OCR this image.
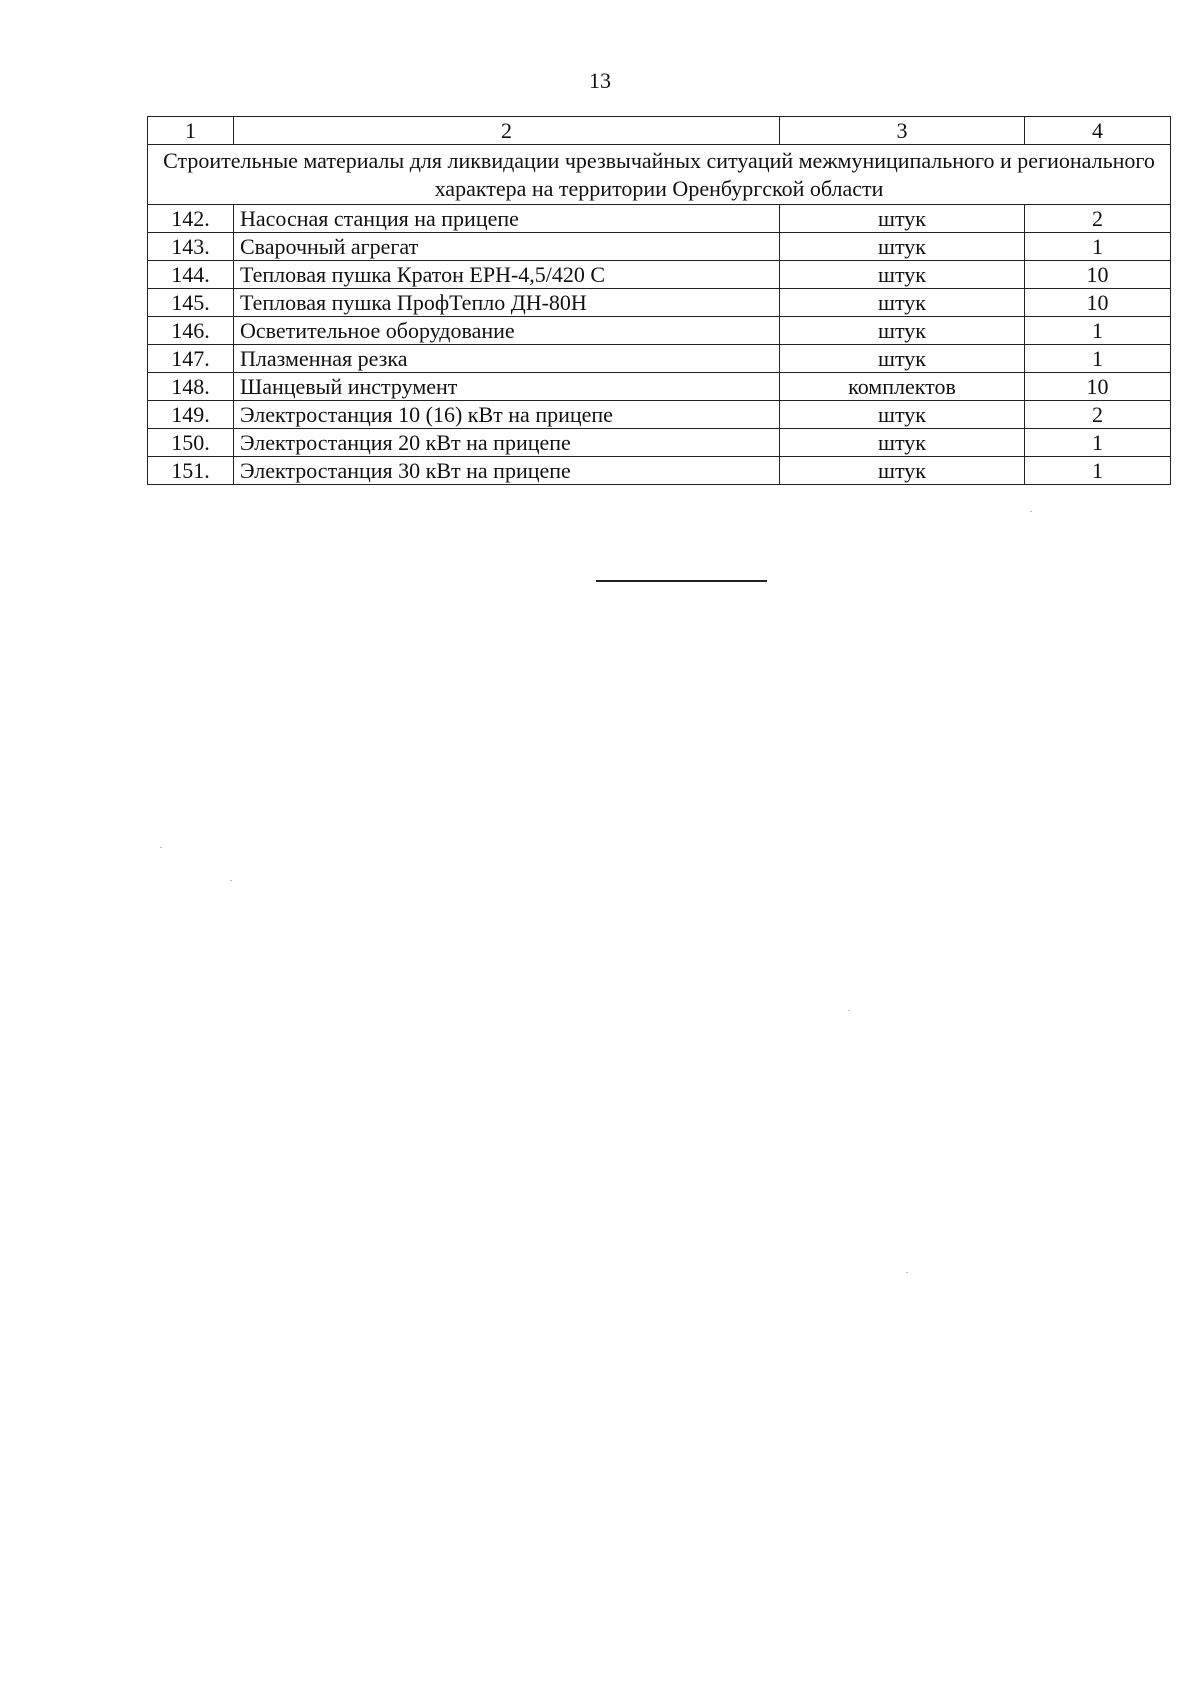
13
1	2	3	4
Строительные материалы для ликвидации чрезвычайных ситуаций межмуниципального и регионального характера на территории Оренбургской области			
142.	Насосная станция на прицепе	штук	2
143.	Сварочный агрегат	штук	1
144.	Тепловая пушка Кратон ЕРН-4,5/420 С	штук	10
145.	Тепловая пушка ПрофТепло ДН-80Н	штук	10
146.	Осветительное оборудование	штук	1
147.	Плазменная резка	штук	1
148.	Шанцевый инструмент	комплектов	10
149.	Электростанция 10 (16) кВт на прицепе	штук	2
150.	Электростанция 20 кВт на прицепе	штук	1
151.	Электростанция 30 кВт на прицепе	штук	1
